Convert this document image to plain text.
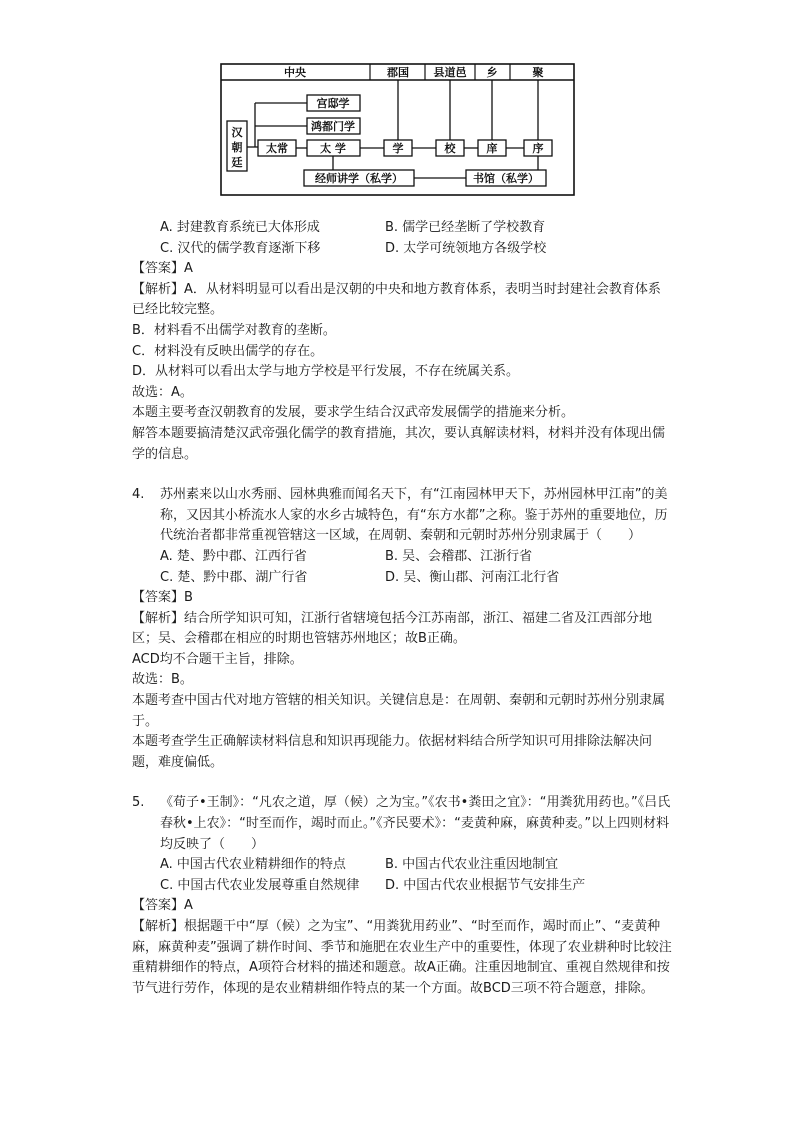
中央	郡国 县道邑 乡	聚
汉
朝
廷
太常
宫邸学
鸿都门学
太 学	学	校	庠	序
经师讲学（私学）	书馆（私学）
A. 封建教育系统已大体形成	B. 儒学已经垄断了学校教育
C. 汉代的儒学教育逐渐下移	D. 太学可统领地方各级学校

【答案】A

【解析】A．从材料明显可以看出是汉朝的中央和地方教育体系，表明当时封建社会教育体系已经比较完整。

B．材料看不出儒学对教育的垄断。

C．材料没有反映出儒学的存在。

D．从材料可以看出太学与地方学校是平行发展，不存在统属关系。

故选：A。

本题主要考查汉朝教育的发展，要求学生结合汉武帝发展儒学的措施来分析。

解答本题要搞清楚汉武帝强化儒学的教育措施，其次，要认真解读材料，材料并没有体现出儒学的信息。

4.	苏州素来以山水秀丽、园林典雅而闻名天下，有“江南园林甲天下，苏州园林甲江南”的美称，又因其小桥流水人家的水乡古城特色，有“东方水都”之称。鉴于苏州的重要地位，历代统治者都非常重视管辖这一区域，在周朝、秦朝和元朝时苏州分别隶属于（　　）
A. 楚、黔中郡、江西行省	B. 吴、会稽郡、江浙行省
C. 楚、黔中郡、湖广行省	D. 吴、衡山郡、河南江北行省

【答案】B

【解析】结合所学知识可知，江浙行省辖境包括今江苏南部，浙江、福建二省及江西部分地区；吴、会稽郡在相应的时期也管辖苏州地区；故B正确。

ACD均不合题干主旨，排除。

故选：B。

本题考查中国古代对地方管辖的相关知识。关键信息是：在周朝、秦朝和元朝时苏州分别隶属于。

本题考查学生正确解读材料信息和知识再现能力。依据材料结合所学知识可用排除法解决问题，难度偏低。

5.	《荀子•王制》：“凡农之道，厚（候）之为宝。”《农书•粪田之宜》：“用粪犹用药也。”《吕氏春秋•上农》：“时至而作，竭时而止。”《齐民要术》：“麦黄种麻，麻黄种麦。”以上四则材料均反映了（　　）
A. 中国古代农业精耕细作的特点	B. 中国古代农业注重因地制宜
C. 中国古代农业发展尊重自然规律	D. 中国古代农业根据节气安排生产

【答案】A

【解析】根据题干中“厚（候）之为宝”、“用粪犹用药业”、“时至而作，竭时而止”、“麦黄种麻，麻黄种麦”强调了耕作时间、季节和施肥在农业生产中的重要性，体现了农业耕种时比较注重精耕细作的特点，A项符合材料的描述和题意。故A正确。注重因地制宜、重视自然规律和按节气进行劳作，体现的是农业精耕细作特点的某一个方面。故BCD三项不符合题意，排除。
